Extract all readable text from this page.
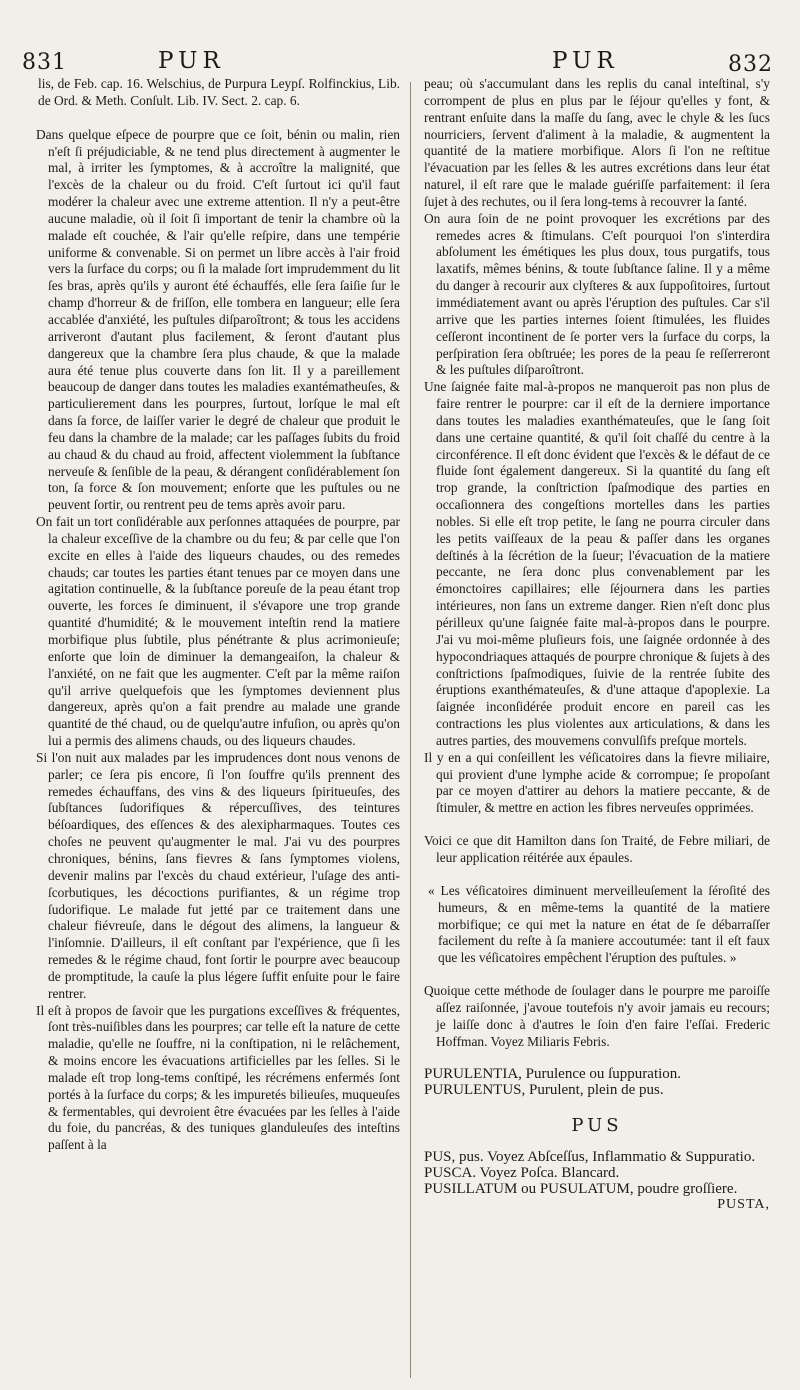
831	PUR	PUR	832

lis, de Feb. cap. 16. Welschius, de Purpura Leypſ. Rolfinckius, Lib. de Ord. & Meth. Conſult. Lib. IV. Sect. 2. cap. 6.

Dans quelque eſpece de pourpre que ce ſoit, bénin ou malin, rien n'eſt ſi préjudiciable, & ne tend plus directement à augmenter le mal, à irriter les ſymptomes, & à accroître la malignité, que l'excès de la chaleur ou du froid. C'eſt ſurtout ici qu'il faut modérer la chaleur avec une extreme attention. Il n'y a peut-être aucune maladie, où il ſoit ſi important de tenir la chambre où la malade eſt couchée, & l'air qu'elle reſpire, dans une tempérie uniforme & convenable. Si on permet un libre accès à l'air froid vers la ſurface du corps; ou ſi la malade ſort imprudemment du lit ſes bras, après qu'ils y auront été échauffés, elle ſera ſaiſie ſur le champ d'horreur & de friſſon, elle tombera en langueur; elle ſera accablée d'anxiété, les puſtules diſparoîtront; & tous les accidens arriveront d'autant plus facilement, & ſeront d'autant plus dangereux que la chambre ſera plus chaude, & que la malade aura été tenue plus couverte dans ſon lit. Il y a pareillement beaucoup de danger dans toutes les maladies exantématheuſes, & particulierement dans les pourpres, ſurtout, lorſque le mal eſt dans ſa force, de laiſſer varier le degré de chaleur que produit le feu dans la chambre de la malade; car les paſſages ſubits du froid au chaud & du chaud au froid, affectent violemment la ſubſtance nerveuſe & ſenſible de la peau, & dérangent conſidérablement ſon ton, ſa force & ſon mouvement; enſorte que les puſtules ou ne peuvent ſortir, ou rentrent peu de tems après avoir paru.

On fait un tort conſidérable aux perſonnes attaquées de pourpre, par la chaleur exceſſive de la chambre ou du feu; & par celle que l'on excite en elles à l'aide des liqueurs chaudes, ou des remedes chauds; car toutes les parties étant tenues par ce moyen dans une agitation continuelle, & la ſubſtance poreuſe de la peau étant trop ouverte, les forces ſe diminuent, il s'évapore une trop grande quantité d'humidité; & le mouvement inteſtin rend la matiere morbifique plus ſubtile, plus pénétrante & plus acrimonieuſe; enſorte que loin de diminuer la demangeaiſon, la chaleur & l'anxiété, on ne fait que les augmenter. C'eſt par la même raiſon qu'il arrive quelquefois que les ſymptomes deviennent plus dangereux, après qu'on a fait prendre au malade une grande quantité de thé chaud, ou de quelqu'autre infuſion, ou après qu'on lui a permis des alimens chauds, ou des liqueurs chaudes.

Si l'on nuit aux malades par les imprudences dont nous venons de parler; ce ſera pis encore, ſi l'on ſouffre qu'ils prennent des remedes échauffans, des vins & des liqueurs ſpiritueuſes, des ſubſtances ſudorifiques & répercuſſives, des teintures béſoardiques, des eſſences & des alexipharmaques. Toutes ces choſes ne peuvent qu'augmenter le mal. J'ai vu des pourpres chroniques, bénins, ſans fievres & ſans ſymptomes violens, devenir malins par l'excès du chaud extérieur, l'uſage des anti-ſcorbutiques, les décoctions purifiantes, & un régime trop ſudorifique. Le malade fut jetté par ce traitement dans une chaleur fiévreuſe, dans le dégout des alimens, la langueur & l'inſomnie. D'ailleurs, il eſt conſtant par l'expérience, que ſi les remedes & le régime chaud, font ſortir le pourpre avec beaucoup de promptitude, la cauſe la plus légere ſuffit enſuite pour le faire rentrer.

Il eſt à propos de ſavoir que les purgations exceſſives & fréquentes, ſont très-nuiſibles dans les pourpres; car telle eſt la nature de cette maladie, qu'elle ne ſouffre, ni la conſtipation, ni le relâchement, & moins encore les évacuations artificielles par les ſelles. Si le malade eſt trop long-tems conſtipé, les récrémens enfermés ſont portés à la ſurface du corps; & les impuretés bilieuſes, muqueuſes & fermentables, qui devroient être évacuées par les ſelles à l'aide du foie, du pancréas, & des tuniques glanduleuſes des inteſtins paſſent à la

peau; où s'accumulant dans les replis du canal inteſtinal, s'y corrompent de plus en plus par le ſéjour qu'elles y font, & rentrant enſuite dans la maſſe du ſang, avec le chyle & les ſucs nourriciers, ſervent d'aliment à la maladie, & augmentent la quantité de la matiere morbifique. Alors ſi l'on ne reſtitue l'évacuation par les ſelles & les autres excrétions dans leur état naturel, il eſt rare que le malade guériſſe parfaitement: il ſera ſujet à des rechutes, ou il ſera long-tems à recouvrer la ſanté.

On aura ſoin de ne point provoquer les excrétions par des remedes acres & ſtimulans. C'eſt pourquoi l'on s'interdira abſolument les émétiques les plus doux, tous purgatifs, tous laxatifs, mêmes bénins, & toute ſubſtance ſaline. Il y a même du danger à recourir aux clyſteres & aux ſuppoſitoires, ſurtout immédiatement avant ou après l'éruption des puſtules. Car s'il arrive que les parties internes ſoient ſtimulées, les fluides ceſſeront incontinent de ſe porter vers la ſurface du corps, la perſpiration ſera obſtruée; les pores de la peau ſe reſſerreront & les puſtules diſparoîtront.

Une ſaignée faite mal-à-propos ne manqueroit pas non plus de faire rentrer le pourpre: car il eſt de la derniere importance dans toutes les maladies exanthémateuſes, que le ſang ſoit dans une certaine quantité, & qu'il ſoit chaſſé du centre à la circonférence. Il eſt donc évident que l'excès & le défaut de ce fluide ſont également dangereux. Si la quantité du ſang eſt trop grande, la conſtriction ſpaſmodique des parties en occaſionnera des congeſtions mortelles dans les parties nobles. Si elle eſt trop petite, le ſang ne pourra circuler dans les petits vaiſſeaux de la peau & paſſer dans les organes deſtinés à la ſécrétion de la ſueur; l'évacuation de la matiere peccante, ne ſera donc plus convenablement par les émonctoires capillaires; elle ſéjournera dans les parties intérieures, non ſans un extreme danger. Rien n'eſt donc plus périlleux qu'une ſaignée faite mal-à-propos dans le pourpre. J'ai vu moi-même pluſieurs fois, une ſaignée ordonnée à des hypocondriaques attaqués de pourpre chronique & ſujets à des conſtrictions ſpaſmodiques, ſuivie de la rentrée ſubite des éruptions exanthémateuſes, & d'une attaque d'apoplexie. La ſaignée inconſidérée produit encore en pareil cas les contractions les plus violentes aux articulations, & dans les autres parties, des mouvemens convulſifs preſque mortels.

Il y en a qui conſeillent les véſicatoires dans la fievre miliaire, qui provient d'une lymphe acide & corrompue; ſe propoſant par ce moyen d'attirer au dehors la matiere peccante, & de ſtimuler, & mettre en action les fibres nerveuſes opprimées.

Voici ce que dit Hamilton dans ſon Traité, de Febre miliari, de leur application réitérée aux épaules.

« Les véſicatoires diminuent merveilleuſement la ſéroſité des humeurs, & en même-tems la quantité de la matiere morbifique; ce qui met la nature en état de ſe débarraſſer facilement du reſte à ſa maniere accoutumée: tant il eſt faux que les véſicatoires empêchent l'éruption des puſtules. »

Quoique cette méthode de ſoulager dans le pourpre me paroiſſe aſſez raiſonnée, j'avoue toutefois n'y avoir jamais eu recours; je laiſſe donc à d'autres le ſoin d'en faire l'eſſai. Frederic Hoffman. Voyez Miliaris Febris.

PURULENTIA, Purulence ou ſuppuration.

PURULENTUS, Purulent, plein de pus.

PUS

PUS, pus. Voyez Abſceſſus, Inflammatio & Suppuratio.

PUSCA. Voyez Poſca. Blancard.

PUSILLATUM ou PUSULATUM, poudre groſſiere.

PUSTA,
